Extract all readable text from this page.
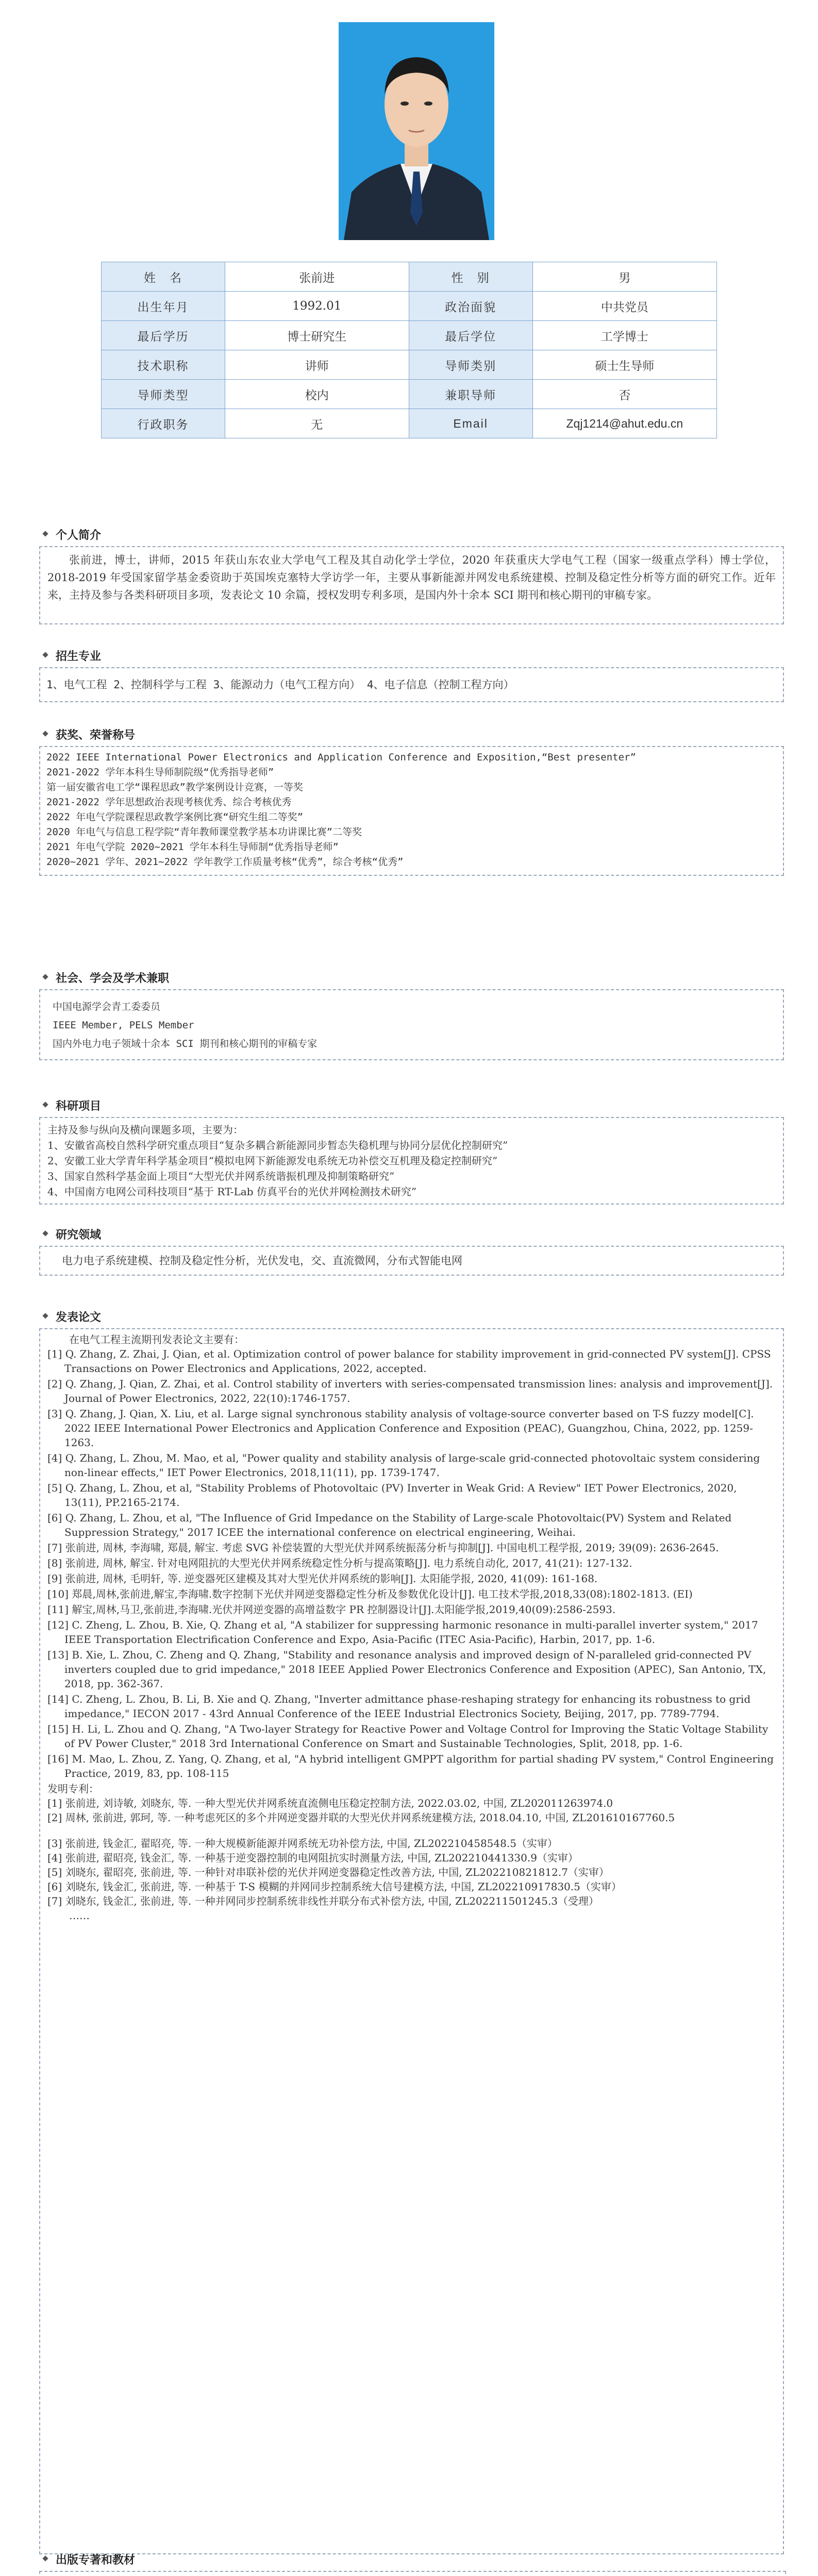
姓　名	张前进	性　别	男
出生年月	1992.01	政治面貌	中共党员
最后学历	博士研究生	最后学位	工学博士
技术职称	讲师	导师类别	硕士生导师
导师类型	校内	兼职导师	否
行政职务	无	Email	Zqj1214@ahut.edu.cn
个人简介
张前进，博士，讲师，2015 年获山东农业大学电气工程及其自动化学士学位，2020 年获重庆大学电气工程（国家一级重点学科）博士学位，2018-2019 年受国家留学基金委资助于英国埃克塞特大学访学一年，主要从事新能源并网发电系统建模、控制及稳定性分析等方面的研究工作。近年来，主持及参与各类科研项目多项，发表论文 10 余篇，授权发明专利多项，是国内外十余本 SCI 期刊和核心期刊的审稿专家。
招生专业
1、电气工程 2、控制科学与工程 3、能源动力（电气工程方向） 4、电子信息（控制工程方向）
获奖、荣誉称号
2022 IEEE International Power Electronics and Application Conference and Exposition,“Best presenter”
2021-2022 学年本科生导师制院级“优秀指导老师”
第一届安徽省电工学“课程思政”教学案例设计竞赛，一等奖
2021-2022 学年思想政治表现考核优秀、综合考核优秀
2022 年电气学院课程思政教学案例比赛“研究生组二等奖”
2020 年电气与信息工程学院“青年教师课堂教学基本功讲课比赛”二等奖
2021 年电气学院 2020~2021 学年本科生导师制“优秀指导老师”
2020~2021 学年、2021~2022 学年教学工作质量考核“优秀”，综合考核“优秀”
社会、学会及学术兼职
中国电源学会青工委委员
IEEE Member, PELS Member
国内外电力电子领域十余本 SCI 期刊和核心期刊的审稿专家
科研项目
主持及参与纵向及横向课题多项，主要为：
1、安徽省高校自然科学研究重点项目“复杂多耦合新能源同步暂态失稳机理与协同分层优化控制研究”
2、安徽工业大学青年科学基金项目“模拟电网下新能源发电系统无功补偿交互机理及稳定控制研究”
3、国家自然科学基金面上项目“大型光伏并网系统谐振机理及抑制策略研究”
4、中国南方电网公司科技项目“基于 RT-Lab 仿真平台的光伏并网检测技术研究”
研究领域
电力电子系统建模、控制及稳定性分析，光伏发电，交、直流微网，分布式智能电网
发表论文
在电气工程主流期刊发表论文主要有：
[1] Q. Zhang, Z. Zhai, J. Qian, et al. Optimization control of power balance for stability improvement in grid-connected PV system[J]. CPSS Transactions on Power Electronics and Applications, 2022, accepted.
[2] Q. Zhang, J. Qian, Z. Zhai, et al. Control stability of inverters with series-compensated transmission lines: analysis and improvement[J]. Journal of Power Electronics, 2022, 22(10):1746-1757.
[3] Q. Zhang, J. Qian, X. Liu, et al. Large signal synchronous stability analysis of voltage-source converter based on T-S fuzzy model[C]. 2022 IEEE International Power Electronics and Application Conference and Exposition (PEAC), Guangzhou, China, 2022, pp. 1259-1263.
[4] Q. Zhang, L. Zhou, M. Mao, et al, "Power quality and stability analysis of large-scale grid-connected photovoltaic system considering non-linear effects," IET Power Electronics, 2018,11(11), pp. 1739-1747.
[5] Q. Zhang, L. Zhou, et al, "Stability Problems of Photovoltaic (PV) Inverter in Weak Grid: A Review" IET Power Electronics, 2020, 13(11), PP.2165-2174.
[6] Q. Zhang, L. Zhou, et al, "The Influence of Grid Impedance on the Stability of Large-scale Photovoltaic(PV) System and Related Suppression Strategy," 2017 ICEE the international conference on electrical engineering, Weihai.
[7] 张前进, 周林, 李海啸, 郑晨, 解宝. 考虑 SVG 补偿装置的大型光伏并网系统振荡分析与抑制[J]. 中国电机工程学报, 2019; 39(09): 2636-2645.
[8] 张前进, 周林, 解宝. 针对电网阻抗的大型光伏并网系统稳定性分析与提高策略[J]. 电力系统自动化, 2017, 41(21): 127-132.
[9] 张前进, 周林, 毛明轩, 等. 逆变器死区建模及其对大型光伏并网系统的影响[J]. 太阳能学报, 2020, 41(09): 161-168.
[10] 郑晨,周林,张前进,解宝,李海啸.数字控制下光伏并网逆变器稳定性分析及参数优化设计[J]. 电工技术学报,2018,33(08):1802-1813. (EI)
[11] 解宝,周林,马卫,张前进,李海啸.光伏并网逆变器的高增益数字 PR 控制器设计[J].太阳能学报,2019,40(09):2586-2593.
[12] C. Zheng, L. Zhou, B. Xie, Q. Zhang et al, "A stabilizer for suppressing harmonic resonance in multi-parallel inverter system," 2017 IEEE Transportation Electrification Conference and Expo, Asia-Pacific (ITEC Asia-Pacific), Harbin, 2017, pp. 1-6.
[13] B. Xie, L. Zhou, C. Zheng and Q. Zhang, "Stability and resonance analysis and improved design of N-paralleled grid-connected PV inverters coupled due to grid impedance," 2018 IEEE Applied Power Electronics Conference and Exposition (APEC), San Antonio, TX, 2018, pp. 362-367.
[14] C. Zheng, L. Zhou, B. Li, B. Xie and Q. Zhang, "Inverter admittance phase-reshaping strategy for enhancing its robustness to grid impedance," IECON 2017 - 43rd Annual Conference of the IEEE Industrial Electronics Society, Beijing, 2017, pp. 7789-7794.
[15] H. Li, L. Zhou and Q. Zhang, "A Two-layer Strategy for Reactive Power and Voltage Control for Improving the Static Voltage Stability of PV Power Cluster," 2018 3rd International Conference on Smart and Sustainable Technologies, Split, 2018, pp. 1-6.
[16] M. Mao, L. Zhou, Z. Yang, Q. Zhang, et al, "A hybrid intelligent GMPPT algorithm for partial shading PV system," Control Engineering Practice, 2019, 83, pp. 108-115
发明专利：
[1] 张前进, 刘诗敏, 刘晓东, 等. 一种大型光伏并网系统直流侧电压稳定控制方法, 2022.03.02, 中国, ZL202011263974.0
[2] 周林, 张前进, 郭珂, 等. 一种考虑死区的多个并网逆变器并联的大型光伏并网系统建模方法, 2018.04.10, 中国, ZL201610167760.5
[3] 张前进, 钱金汇, 翟昭亮, 等. 一种大规模新能源并网系统无功补偿方法, 中国, ZL202210458548.5（实审）
[4] 张前进, 翟昭亮, 钱金汇, 等. 一种基于逆变器控制的电网阻抗实时测量方法, 中国, ZL202210441330.9（实审）
[5] 刘晓东, 翟昭亮, 张前进, 等. 一种针对串联补偿的光伏并网逆变器稳定性改善方法, 中国, ZL202210821812.7（实审）
[6] 刘晓东, 钱金汇, 张前进, 等. 一种基于 T-S 模糊的并网同步控制系统大信号建模方法, 中国, ZL202210917830.5（实审）
[7] 刘晓东, 钱金汇, 张前进, 等. 一种并网同步控制系统非线性并联分布式补偿方法, 中国, ZL202211501245.3（受理）
……
出版专著和教材
